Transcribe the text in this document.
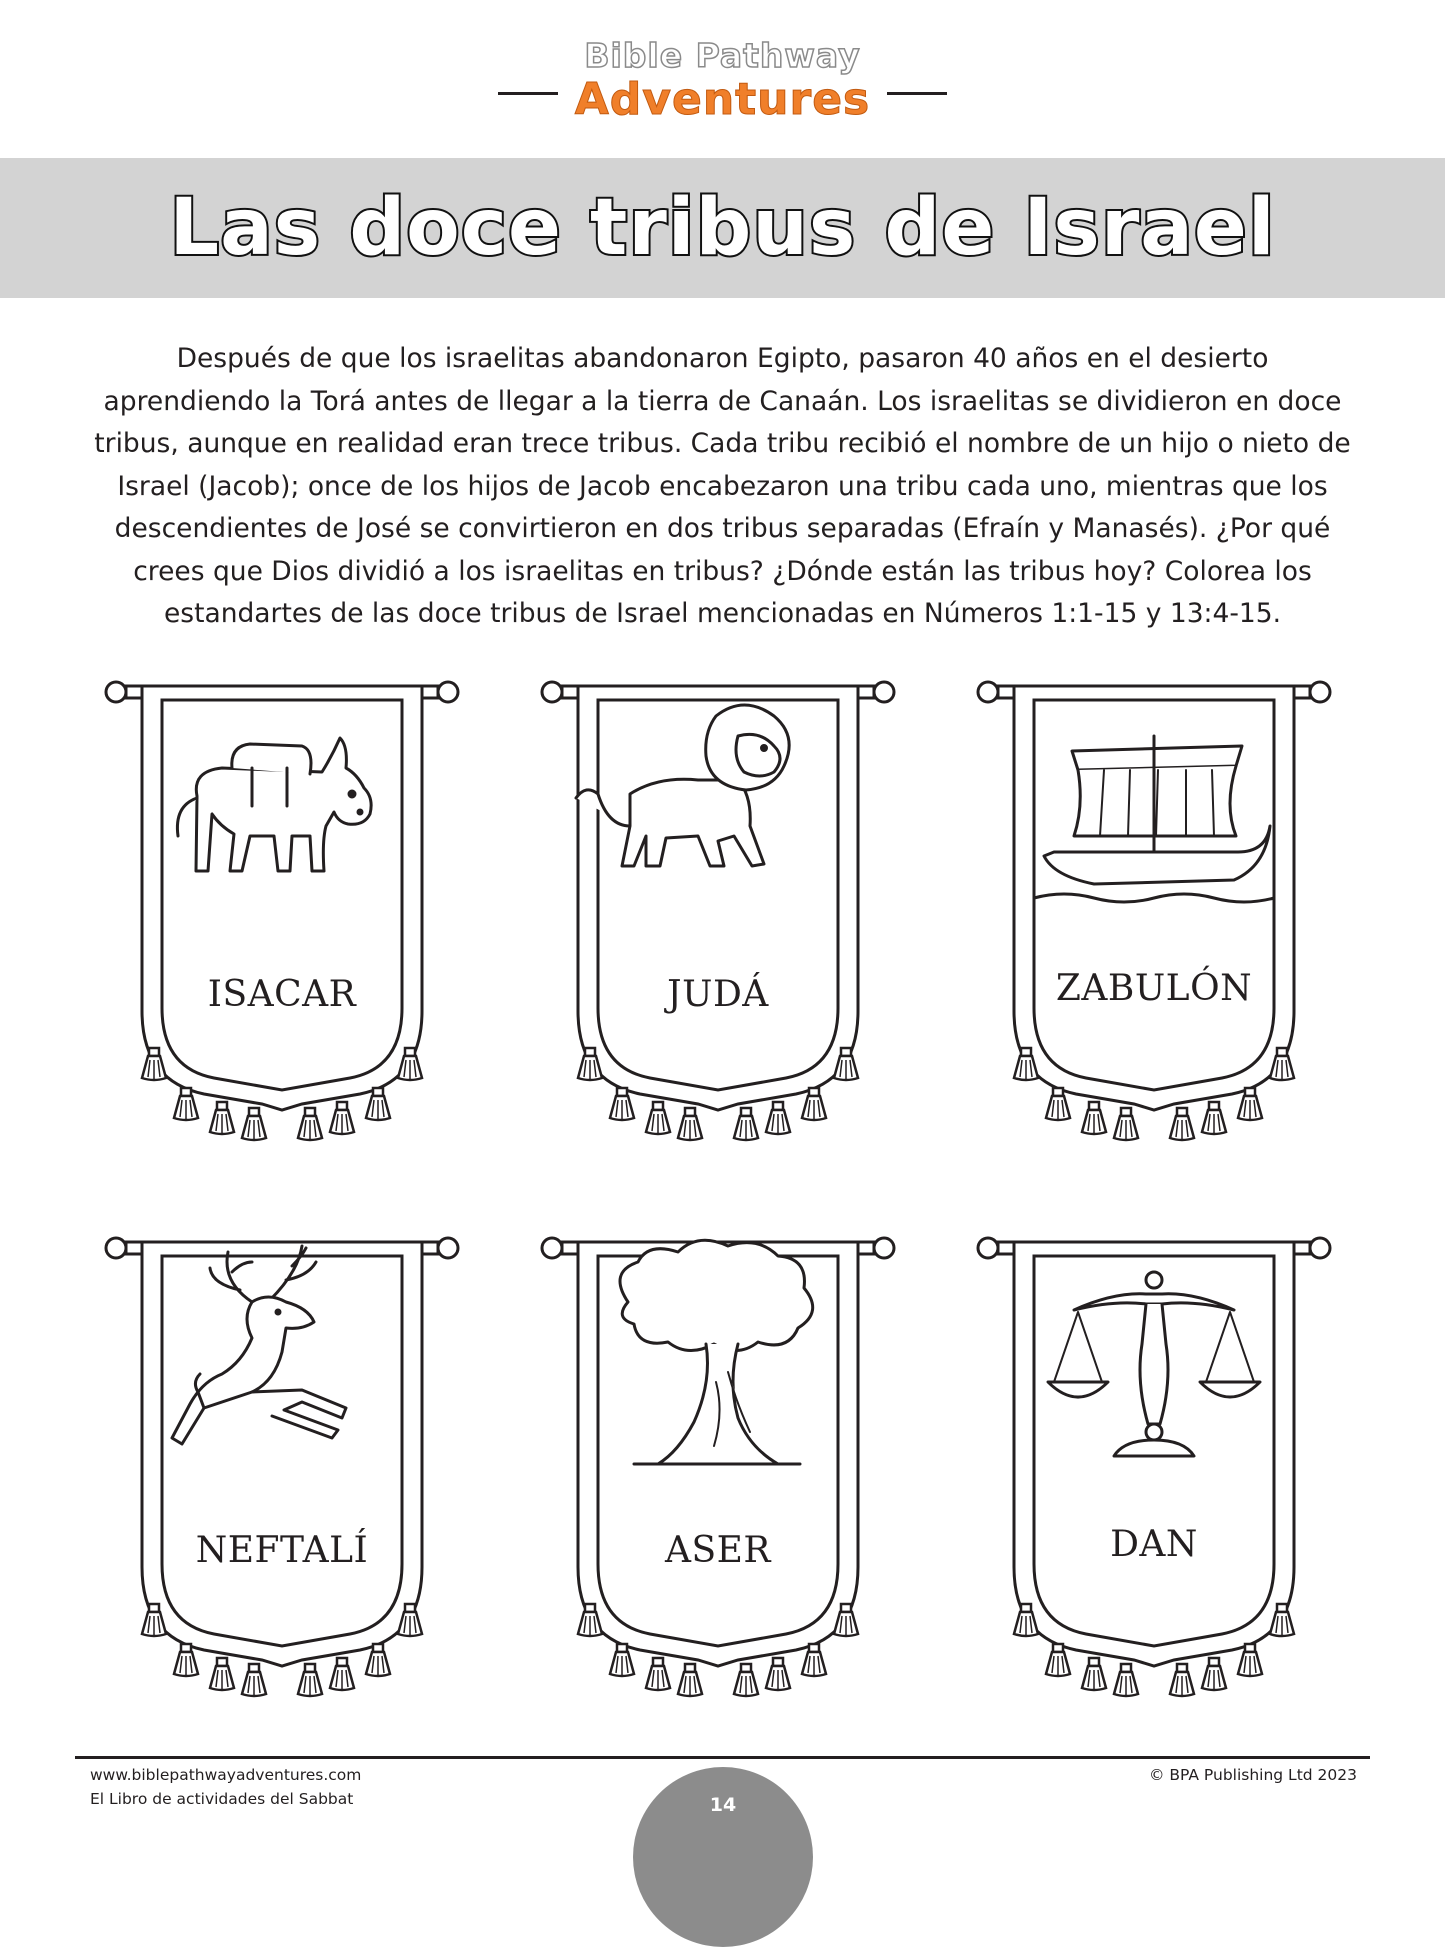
Bible Pathway
Adventures
Las doce tribus de Israel

Después de que los israelitas abandonaron Egipto, pasaron 40 años en el desierto aprendiendo la Torá antes de llegar a la tierra de Canaán. Los israelitas se dividieron en doce tribus, aunque en realidad eran trece tribus. Cada tribu recibió el nombre de un hijo o nieto de Israel (Jacob); once de los hijos de Jacob encabezaron una tribu cada uno, mientras que los descendientes de José se convirtieron en dos tribus separadas (Efraín y Manasés). ¿Por qué crees que Dios dividió a los israelitas en tribus? ¿Dónde están las tribus hoy? Colorea los estandartes de las doce tribus de Israel mencionadas en Números 1:1-15 y 13:4-15.

ISACAR	JUDÁ	ZABULÓN
NEFTALÍ	ASER	DAN
www.biblepathwayadventures.com
El Libro de actividades del Sabbat
© BPA Publishing Ltd 2023
14
